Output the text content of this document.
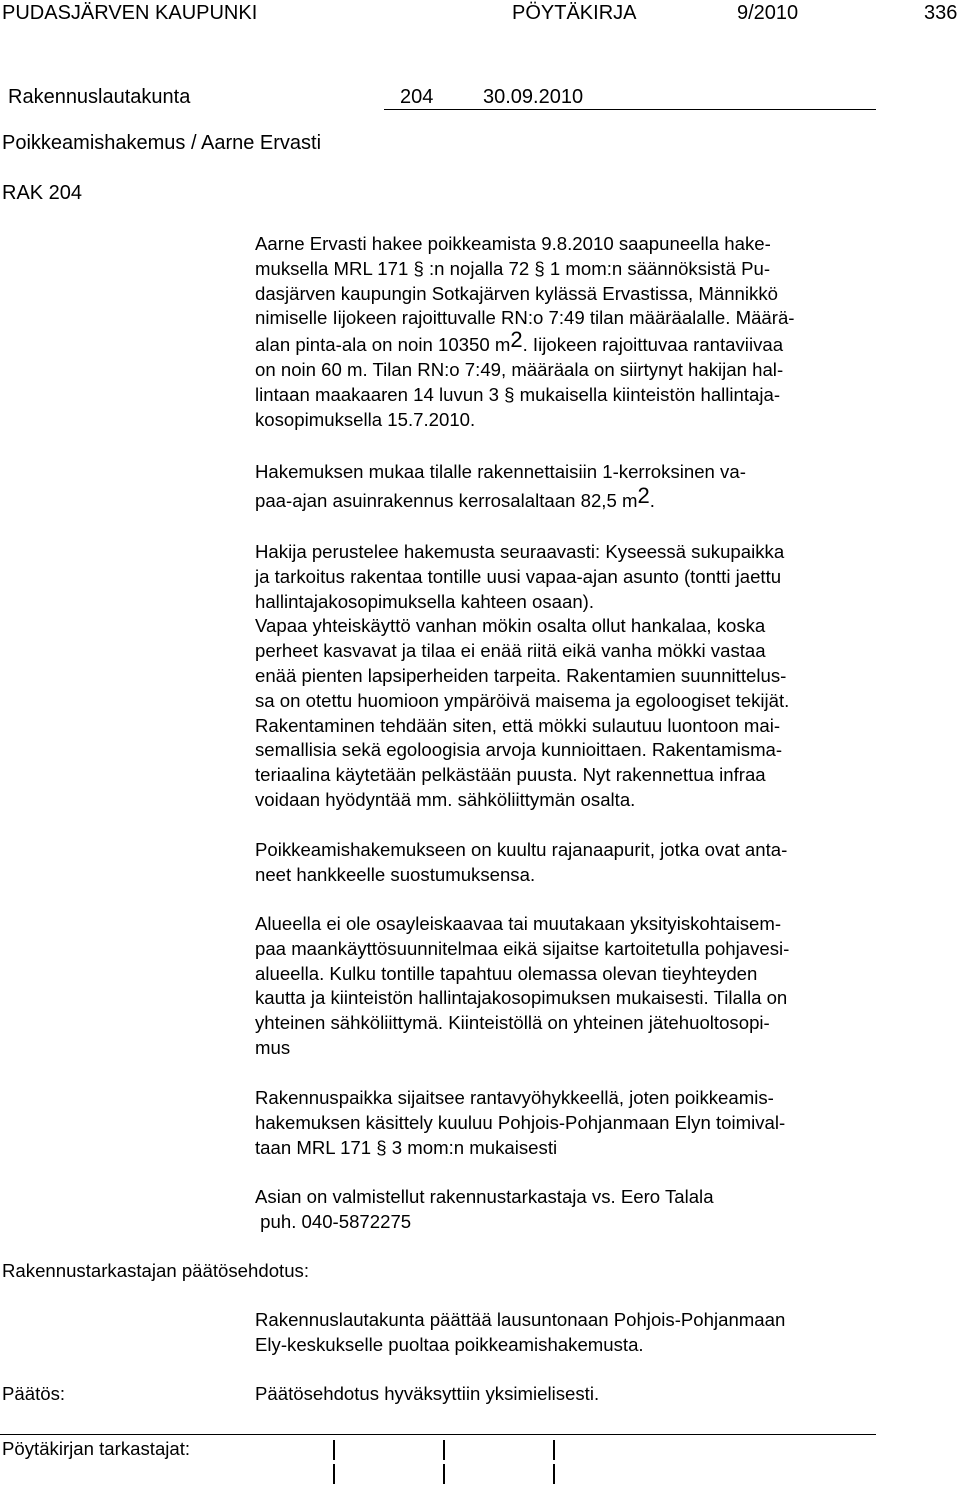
PUDASJÄRVEN KAUPUNKI	PÖYTÄKIRJA	9/2010	336
Rakennuslautakunta	204 30.09.2010
Poikkeamishakemus / Aarne Ervasti
RAK 204

Aarne Ervasti hakee poikkeamista 9.8.2010 saapuneella hake-

muksella MRL 171 § :n nojalla 72 § 1 mom:n säännöksistä Pu-

dasjärven kaupungin Sotkajärven kylässä Ervastissa, Männikkö

nimiselle Iijokeen rajoittuvalle RN:o 7:49 tilan määräalalle. Määrä-

alan pinta-ala on noin 10350 $m^2$. Iijokeen rajoittuvaa rantaviivaa

on noin 60 m. Tilan RN:o 7:49, määräala on siirtynyt hakijan hal-

lintaan maakaaren 14 luvun 3 § mukaisella kiinteistön hallintaja-

kosopimuksella 15.7.2010.

Hakemuksen mukaa tilalle rakennettaisiin 1-kerroksinen va-

paa-ajan asuinrakennus kerrosalaltaan 82,5 $m^2$.

Hakija perustelee hakemusta seuraavasti: Kyseessä sukupaikka

ja tarkoitus rakentaa tontille uusi vapaa-ajan asunto (tontti jaettu

hallintajakosopimuksella kahteen osaan).

Vapaa yhteiskäyttö vanhan mökin osalta ollut hankalaa, koska

perheet kasvavat ja tilaa ei enää riitä eikä vanha mökki vastaa

enää pienten lapsiperheiden tarpeita. Rakentamien suunnittelus-

sa on otettu huomioon ympäröivä maisema ja egoloogiset tekijät.

Rakentaminen tehdään siten, että mökki sulautuu luontoon mai-

semallisia sekä egoloogisia arvoja kunnioittaen. Rakentamisma-

teriaalina käytetään pelkästään puusta. Nyt rakennettua infraa

voidaan hyödyntää mm. sähköliittymän osalta.

Poikkeamishakemukseen on kuultu rajanaapurit, jotka ovat anta-

neet hankkeelle suostumuksensa.

Alueella ei ole osayleiskaavaa tai muutakaan yksityiskohtaisem-

paa maankäyttösuunnitelmaa eikä sijaitse kartoitetulla pohjavesi-

alueella. Kulku tontille tapahtuu olemassa olevan tieyhteyden

kautta ja kiinteistön hallintajakosopimuksen mukaisesti. Tilalla on

yhteinen sähköliittymä. Kiinteistöllä on yhteinen jätehuoltosopi-

mus

Rakennuspaikka sijaitsee rantavyöhykkeellä, joten poikkeamis-

hakemuksen käsittely kuuluu Pohjois-Pohjanmaan Elyn toimival-

taan MRL 171 § 3 mom:n mukaisesti

Asian on valmistellut rakennustarkastaja vs. Eero Talala

puh. 040-5872275

Rakennustarkastajan päätösehdotus:

Rakennuslautakunta päättää lausuntonaan Pohjois-Pohjanmaan

Ely-keskukselle puoltaa poikkeamishakemusta.

Päätös:	Päätösehdotus hyväksyttiin yksimielisesti.
Pöytäkirjan tarkastajat:
